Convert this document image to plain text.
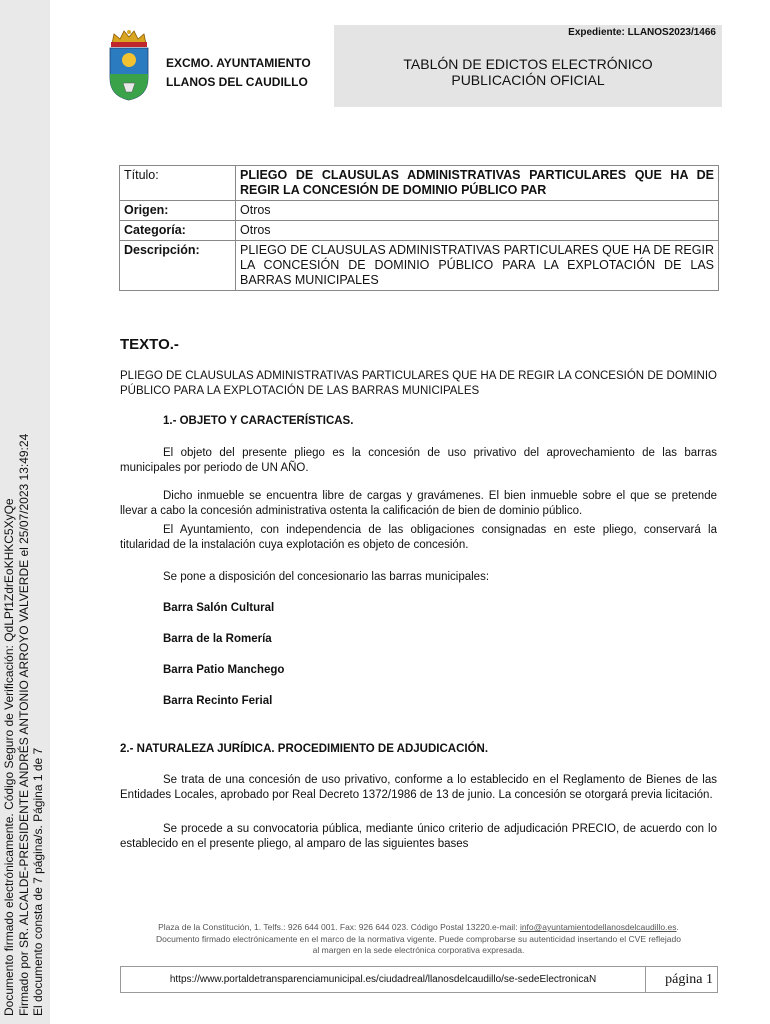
Documento firmado electrónicamente. Código Seguro de Verificación: QdLPf1ZdrEoKHKC5XyQe Firmado por SR. ALCALDE-PRESIDENTE ANDRÉS ANTONIO ARROYO VALVERDE el 25/07/2023 13:49:24 El documento consta de 7 página/s. Página 1 de 7
EXCMO. AYUNTAMIENTO
LLANOS DEL CAUDILLO
Expediente: LLANOS2023/1466
TABLÓN DE EDICTOS ELECTRÓNICO
PUBLICACIÓN OFICIAL
Título:	PLIEGO DE CLAUSULAS ADMINISTRATIVAS PARTICULARES QUE HA DE REGIR LA CONCESIÓN DE DOMINIO PÚBLICO PAR
Origen:	Otros
Categoría:	Otros
Descripción:	PLIEGO DE CLAUSULAS ADMINISTRATIVAS PARTICULARES QUE HA DE REGIR LA CONCESIÓN DE DOMINIO PÚBLICO PARA LA EXPLOTACIÓN DE LAS BARRAS MUNICIPALES
TEXTO.-
PLIEGO DE CLAUSULAS ADMINISTRATIVAS PARTICULARES QUE HA DE REGIR LA CONCESIÓN DE DOMINIO PÚBLICO PARA LA EXPLOTACIÓN DE LAS BARRAS MUNICIPALES
1.- OBJETO Y CARACTERÍSTICAS.
El objeto del presente pliego es la concesión de uso privativo del aprovechamiento de las barras municipales por periodo de UN AÑO.
Dicho inmueble se encuentra libre de cargas y gravámenes. El bien inmueble sobre el que se pretende llevar a cabo la concesión administrativa ostenta la calificación de bien de dominio público.
El Ayuntamiento, con independencia de las obligaciones consignadas en este pliego, conservará la titularidad de la instalación cuya explotación es objeto de concesión.
Se pone a disposición del concesionario las barras municipales:
Barra Salón Cultural
Barra de la Romería
Barra Patio Manchego
Barra Recinto Ferial
2.- NATURALEZA JURÍDICA. PROCEDIMIENTO DE ADJUDICACIÓN.
Se trata de una concesión de uso privativo, conforme a lo establecido en el Reglamento de Bienes de las Entidades Locales, aprobado por Real Decreto 1372/1986 de 13 de junio. La concesión se otorgará previa licitación.
Se procede a su convocatoria pública, mediante único criterio de adjudicación PRECIO, de acuerdo con lo establecido en el presente pliego, al amparo de las siguientes bases
Plaza de la Constitución, 1. Telfs.: 926 644 001. Fax: 926 644 023. Código Postal 13220.e-mail: info@ayuntamientodellanosdelcaudillo.es.
Documento firmado electrónicamente en el marco de la normativa vigente. Puede comprobarse su autenticidad insertando el CVE reflejado
al margen en la sede electrónica corporativa expresada.
https://www.portaldetransparenciamunicipal.es/ciudadreal/llanosdelcaudillo/se-sedeElectronicaN	página 1
